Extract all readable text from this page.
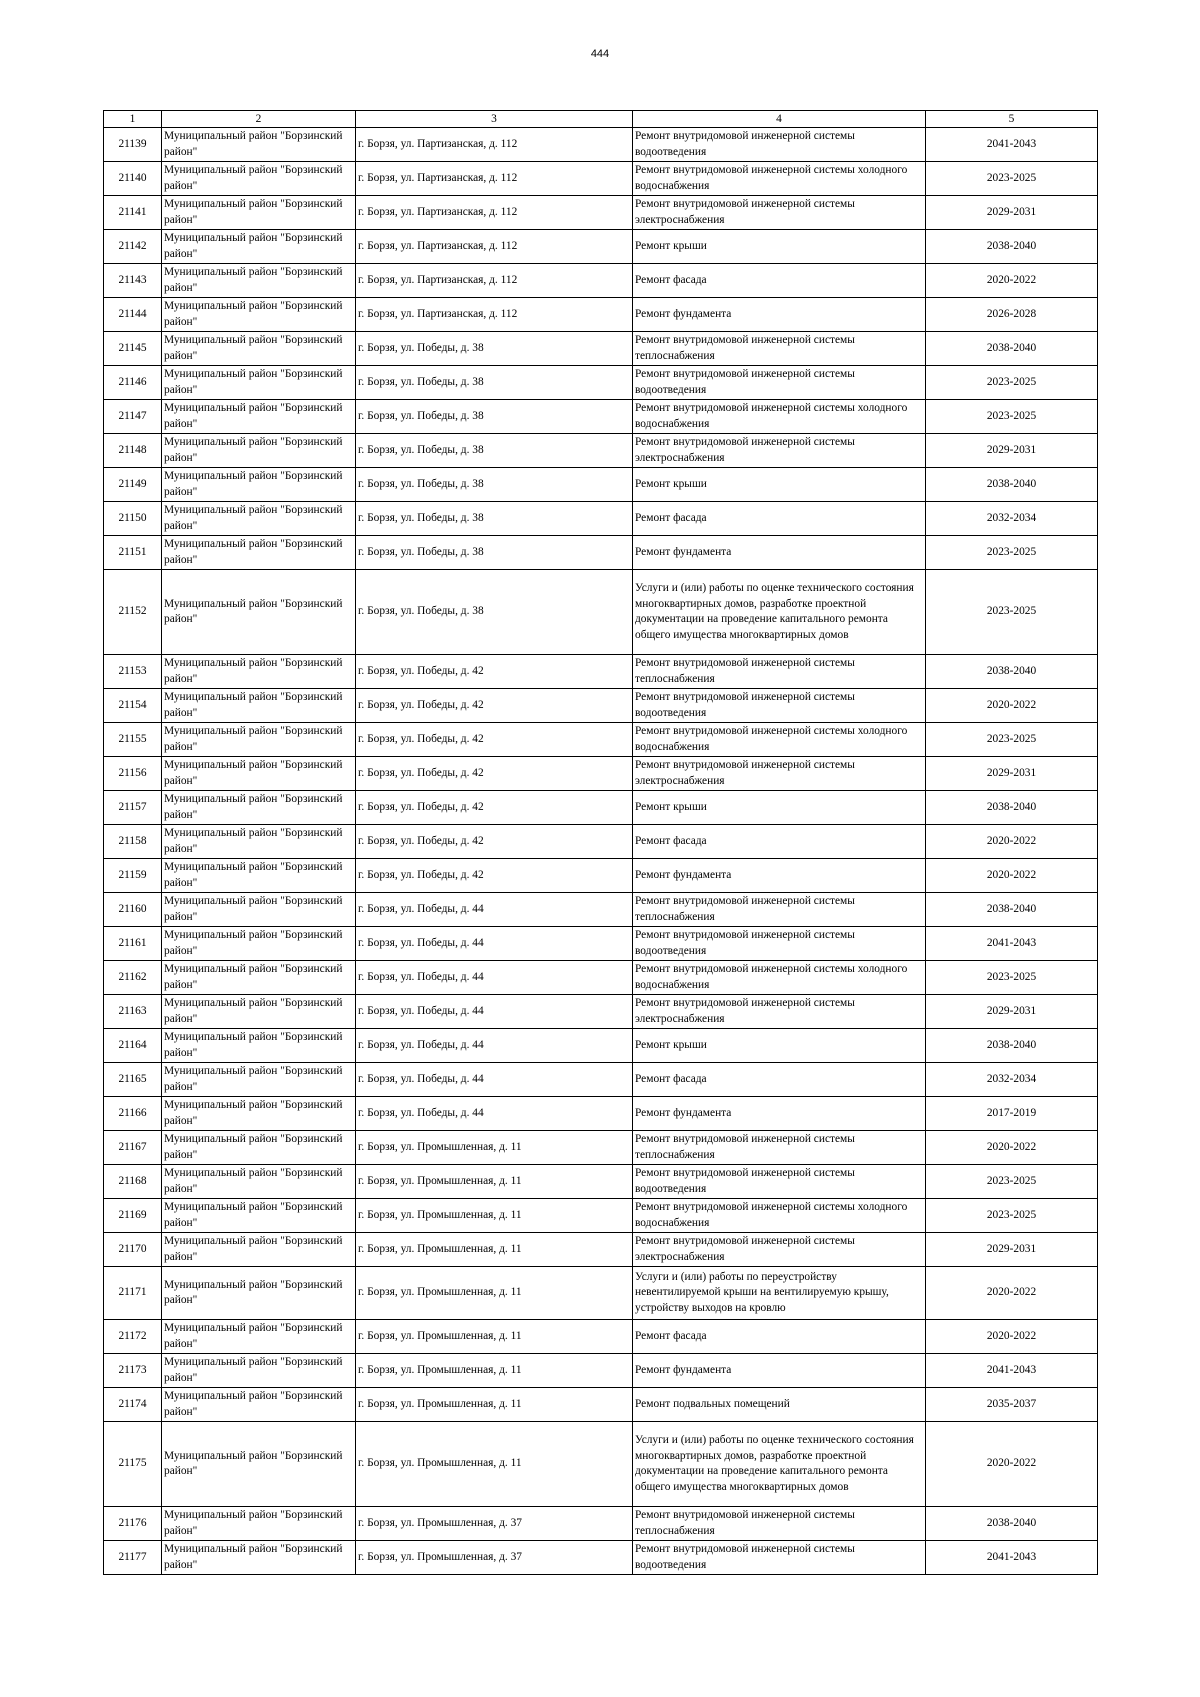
444
1	2	3	4	5
21139	Муниципальный район "Борзинский район"	г. Борзя, ул. Партизанская, д. 112	Ремонт внутридомовой инженерной системы водоотведения	2041-2043
21140	Муниципальный район "Борзинский район"	г. Борзя, ул. Партизанская, д. 112	Ремонт внутридомовой инженерной системы холодного водоснабжения	2023-2025
21141	Муниципальный район "Борзинский район"	г. Борзя, ул. Партизанская, д. 112	Ремонт внутридомовой инженерной системы электроснабжения	2029-2031
21142	Муниципальный район "Борзинский район"	г. Борзя, ул. Партизанская, д. 112	Ремонт крыши	2038-2040
21143	Муниципальный район "Борзинский район"	г. Борзя, ул. Партизанская, д. 112	Ремонт фасада	2020-2022
21144	Муниципальный район "Борзинский район"	г. Борзя, ул. Партизанская, д. 112	Ремонт фундамента	2026-2028
21145	Муниципальный район "Борзинский район"	г. Борзя, ул. Победы, д. 38	Ремонт внутридомовой инженерной системы теплоснабжения	2038-2040
21146	Муниципальный район "Борзинский район"	г. Борзя, ул. Победы, д. 38	Ремонт внутридомовой инженерной системы водоотведения	2023-2025
21147	Муниципальный район "Борзинский район"	г. Борзя, ул. Победы, д. 38	Ремонт внутридомовой инженерной системы холодного водоснабжения	2023-2025
21148	Муниципальный район "Борзинский район"	г. Борзя, ул. Победы, д. 38	Ремонт внутридомовой инженерной системы электроснабжения	2029-2031
21149	Муниципальный район "Борзинский район"	г. Борзя, ул. Победы, д. 38	Ремонт крыши	2038-2040
21150	Муниципальный район "Борзинский район"	г. Борзя, ул. Победы, д. 38	Ремонт фасада	2032-2034
21151	Муниципальный район "Борзинский район"	г. Борзя, ул. Победы, д. 38	Ремонт фундамента	2023-2025
21152	Муниципальный район "Борзинский район"	г. Борзя, ул. Победы, д. 38	Услуги и (или) работы по оценке технического состояния многоквартирных домов, разработке проектной документации на проведение капитального ремонта общего имущества многоквартирных домов	2023-2025
21153	Муниципальный район "Борзинский район"	г. Борзя, ул. Победы, д. 42	Ремонт внутридомовой инженерной системы теплоснабжения	2038-2040
21154	Муниципальный район "Борзинский район"	г. Борзя, ул. Победы, д. 42	Ремонт внутридомовой инженерной системы водоотведения	2020-2022
21155	Муниципальный район "Борзинский район"	г. Борзя, ул. Победы, д. 42	Ремонт внутридомовой инженерной системы холодного водоснабжения	2023-2025
21156	Муниципальный район "Борзинский район"	г. Борзя, ул. Победы, д. 42	Ремонт внутридомовой инженерной системы электроснабжения	2029-2031
21157	Муниципальный район "Борзинский район"	г. Борзя, ул. Победы, д. 42	Ремонт крыши	2038-2040
21158	Муниципальный район "Борзинский район"	г. Борзя, ул. Победы, д. 42	Ремонт фасада	2020-2022
21159	Муниципальный район "Борзинский район"	г. Борзя, ул. Победы, д. 42	Ремонт фундамента	2020-2022
21160	Муниципальный район "Борзинский район"	г. Борзя, ул. Победы, д. 44	Ремонт внутридомовой инженерной системы теплоснабжения	2038-2040
21161	Муниципальный район "Борзинский район"	г. Борзя, ул. Победы, д. 44	Ремонт внутридомовой инженерной системы водоотведения	2041-2043
21162	Муниципальный район "Борзинский район"	г. Борзя, ул. Победы, д. 44	Ремонт внутридомовой инженерной системы холодного водоснабжения	2023-2025
21163	Муниципальный район "Борзинский район"	г. Борзя, ул. Победы, д. 44	Ремонт внутридомовой инженерной системы электроснабжения	2029-2031
21164	Муниципальный район "Борзинский район"	г. Борзя, ул. Победы, д. 44	Ремонт крыши	2038-2040
21165	Муниципальный район "Борзинский район"	г. Борзя, ул. Победы, д. 44	Ремонт фасада	2032-2034
21166	Муниципальный район "Борзинский район"	г. Борзя, ул. Победы, д. 44	Ремонт фундамента	2017-2019
21167	Муниципальный район "Борзинский район"	г. Борзя, ул. Промышленная, д. 11	Ремонт внутридомовой инженерной системы теплоснабжения	2020-2022
21168	Муниципальный район "Борзинский район"	г. Борзя, ул. Промышленная, д. 11	Ремонт внутридомовой инженерной системы водоотведения	2023-2025
21169	Муниципальный район "Борзинский район"	г. Борзя, ул. Промышленная, д. 11	Ремонт внутридомовой инженерной системы холодного водоснабжения	2023-2025
21170	Муниципальный район "Борзинский район"	г. Борзя, ул. Промышленная, д. 11	Ремонт внутридомовой инженерной системы электроснабжения	2029-2031
21171	Муниципальный район "Борзинский район"	г. Борзя, ул. Промышленная, д. 11	Услуги и (или) работы по переустройству невентилируемой крыши на вентилируемую крышу, устройству выходов на кровлю	2020-2022
21172	Муниципальный район "Борзинский район"	г. Борзя, ул. Промышленная, д. 11	Ремонт фасада	2020-2022
21173	Муниципальный район "Борзинский район"	г. Борзя, ул. Промышленная, д. 11	Ремонт фундамента	2041-2043
21174	Муниципальный район "Борзинский район"	г. Борзя, ул. Промышленная, д. 11	Ремонт подвальных помещений	2035-2037
21175	Муниципальный район "Борзинский район"	г. Борзя, ул. Промышленная, д. 11	Услуги и (или) работы по оценке технического состояния многоквартирных домов, разработке проектной документации на проведение капитального ремонта общего имущества многоквартирных домов	2020-2022
21176	Муниципальный район "Борзинский район"	г. Борзя, ул. Промышленная, д. 37	Ремонт внутридомовой инженерной системы теплоснабжения	2038-2040
21177	Муниципальный район "Борзинский район"	г. Борзя, ул. Промышленная, д. 37	Ремонт внутридомовой инженерной системы водоотведения	2041-2043
